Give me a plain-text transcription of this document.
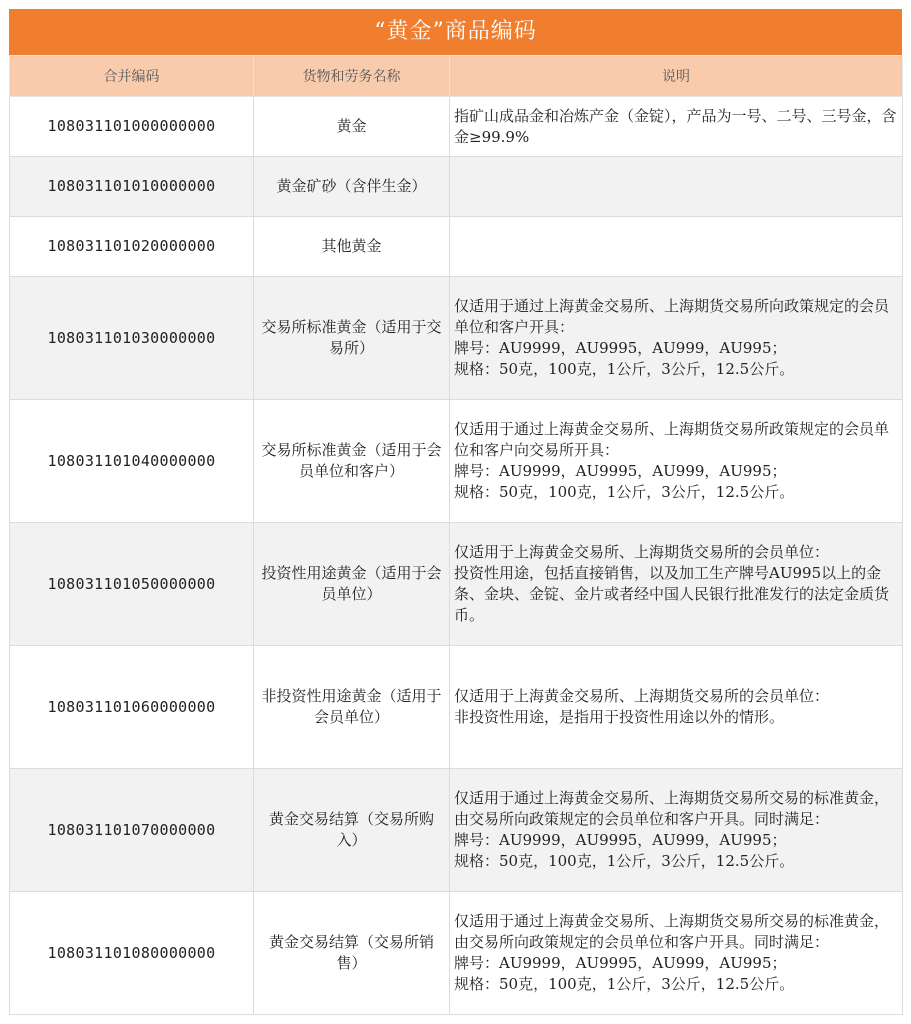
“黄金”商品编码
合并编码	货物和劳务名称	说明
108031101000000000	黄金	指矿山成品金和冶炼产金（金锭），产品为一号、二号、三号金，含金≥99.9%
108031101010000000	黄金矿砂（含伴生金）	
108031101020000000	其他黄金	
108031101030000000	交易所标准黄金（适用于交易所）	仅适用于通过上海黄金交易所、上海期货交易所向政策规定的会员单位和客户开具：
牌号：AU9999，AU9995，AU999，AU995；
规格：50克，100克，1公斤，3公斤，12.5公斤。
108031101040000000	交易所标准黄金（适用于会员单位和客户）	仅适用于通过上海黄金交易所、上海期货交易所政策规定的会员单位和客户向交易所开具：
牌号：AU9999，AU9995，AU999，AU995；
规格：50克，100克，1公斤，3公斤，12.5公斤。
108031101050000000	投资性用途黄金（适用于会员单位）	仅适用于上海黄金交易所、上海期货交易所的会员单位：
投资性用途，包括直接销售，以及加工生产牌号AU995以上的金条、金块、金锭、金片或者经中国人民银行批准发行的法定金质货币。
108031101060000000	非投资性用途黄金（适用于会员单位）	仅适用于上海黄金交易所、上海期货交易所的会员单位：
非投资性用途，是指用于投资性用途以外的情形。
108031101070000000	黄金交易结算（交易所购入）	仅适用于通过上海黄金交易所、上海期货交易所交易的标准黄金，由交易所向政策规定的会员单位和客户开具。同时满足：
牌号：AU9999，AU9995，AU999，AU995；
规格：50克，100克，1公斤，3公斤，12.5公斤。
108031101080000000	黄金交易结算（交易所销售）	仅适用于通过上海黄金交易所、上海期货交易所交易的标准黄金，由交易所向政策规定的会员单位和客户开具。同时满足：
牌号：AU9999，AU9995，AU999，AU995；
规格：50克，100克，1公斤，3公斤，12.5公斤。
